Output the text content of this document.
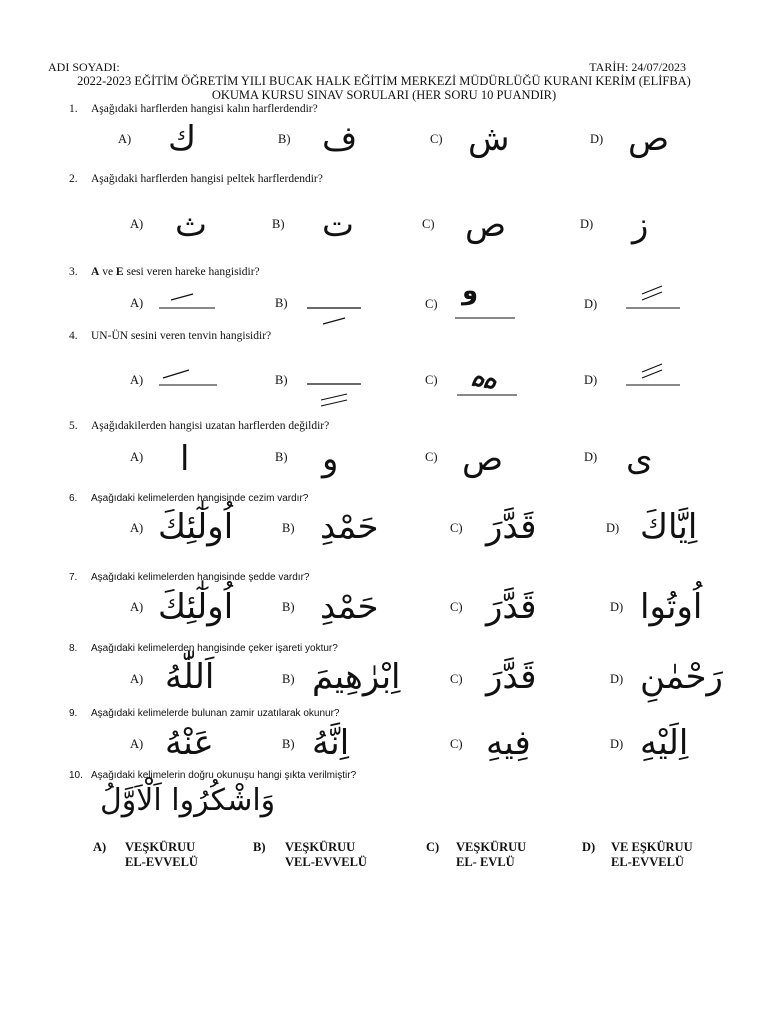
ADI SOYADI:	TARİH: 24/07/2023
2022-2023 EĞİTİM ÖĞRETİM YILI BUCAK HALK EĞİTİM MERKEZİ MÜDÜRLÜĞÜ KURANI KERİM (ELİFBA)
OKUMA KURSU SINAV SORULARI (HER SORU 10 PUANDIR)
1. Aşağıdaki harflerden hangisi kalın harflerdendir?
A) ك	B) ف	C) ش	D) ص
2. Aşağıdaki harflerden hangisi peltek harflerdendir?
A) ث	B) ت	C) ص	D) ز
3. A ve E sesi veren hareke hangisidir?
A)	B)	C) و	D)
4. UN-ÜN sesini veren tenvin hangisidir?
A)	B)	C)	D)
5. Aşağıdakilerden hangisi uzatan harflerden değildir?
A) ا	B) و	C) ص	D) ى
6. Aşağıdaki kelimelerden hangisinde cezim vardır?
A) اُولٰٓئِكَ	B) حَمْدِ	C) قَدَّرَ	D) اِيَّاكَ
7. Aşağıdaki kelimelerden hangisinde şedde vardır?
A) اُولٰٓئِكَ	B) حَمْدِ	C) قَدَّرَ	D) اُوتُوا
8. Aşağıdaki kelimelerden hangisinde çeker işareti yoktur?
A) اَللّٰهُ	B) اِبْرٰهِيمَ	C) قَدَّرَ	D) رَحْمٰنِ
9. Aşağıdaki kelimelerde bulunan zamir uzatılarak okunur?
A) عَنْهُ	B) اِنَّهُ	C) فِيهِ	D) اِلَيْهِ
10. Aşağıdaki kelimelerin doğru okunuşu hangi şıkta verilmiştir?
وَاشْكُرُوا اَلْاَوَّلُ
A) VEŞKÜRUU
EL-EVVELÜ
B) VEŞKÜRUU
VEL-EVVELÜ
C) VEŞKÜRUU
EL- EVLÜ
D) VE EŞKÜRUU
EL-EVVELÜ
